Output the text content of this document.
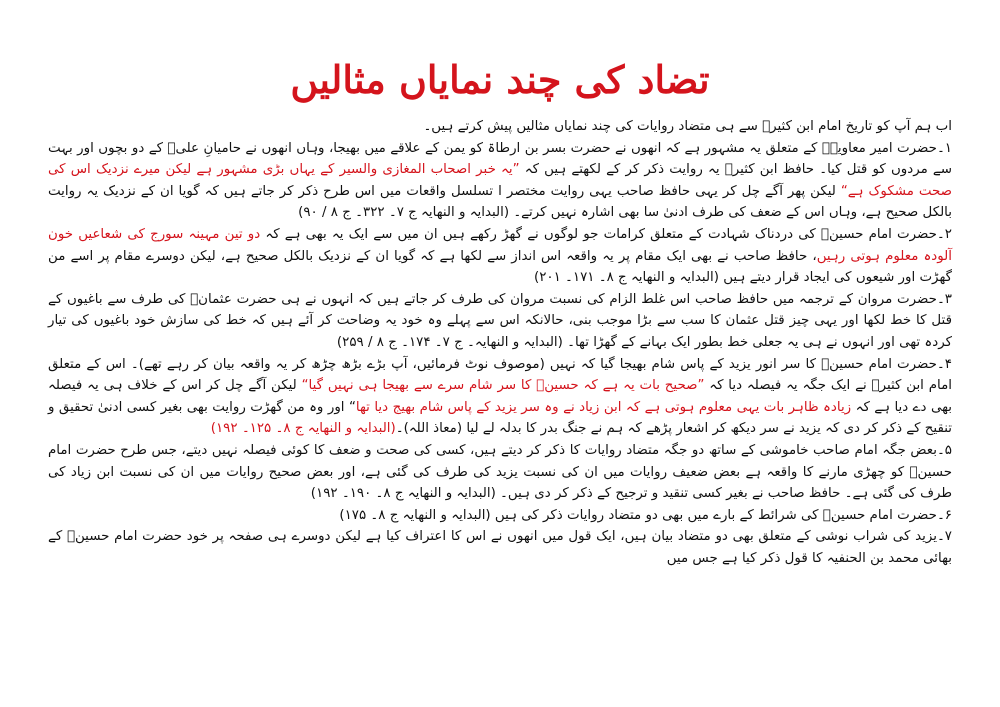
تضاد کی چند نمایاں مثالیں

اب ہم آپ کو تاریخ امام ابن کثیرؒ سے ہی متضاد روایات کی چند نمایاں مثالیں پیش کرتے ہیں۔

۱۔حضرت امیر معاویہؓ کے متعلق یہ مشہور ہے کہ انھوں نے حضرت بسر بن ارطاۃ کو یمن کے علاقے میں بھیجا، وہاں انھوں نے حامیانِ علیؓ کے دو بچوں اور بہت سے مردوں کو قتل کیا۔ حافظ ابن کثیرؒ یہ روایت ذکر کر کے لکھتے ہیں کہ ”یہ خبر اصحاب المغازی والسیر کے یہاں بڑی مشہور ہے لیکن میرے نزدیک اس کی صحت مشکوک ہے“ لیکن پھر آگے چل کر یہی حافظ صاحب یہی روایت مختصر ا تسلسل واقعات میں اس طرح ذکر کر جاتے ہیں کہ گویا ان کے نزدیک یہ روایت بالکل صحیح ہے، وہاں اس کے ضعف کی طرف ادنیٰ سا بھی اشارہ نہیں کرتے۔ (البدایہ و النھایہ ج ۷۔ ۳۲۲۔ ج ۸ / ۹۰)

۲۔حضرت امام حسینؓ کی دردناک شہادت کے متعلق کرامات جو لوگوں نے گھڑ رکھے ہیں ان میں سے ایک یہ بھی ہے کہ دو تین مہینہ سورج کی شعاعیں خون آلودہ معلوم ہوتی رہیں، حافظ صاحب نے بھی ایک مقام پر یہ واقعہ اس انداز سے لکھا ہے کہ گویا ان کے نزدیک بالکل صحیح ہے، لیکن دوسرے مقام پر اسے من گھڑت اور شیعوں کی ایجاد قرار دیتے ہیں (البدایہ و النھایہ ج ۸۔ ۱۷۱۔ ۲۰۱)

۳۔حضرت مروان کے ترجمہ میں حافظ صاحب اس غلط الزام کی نسبت مروان کی طرف کر جاتے ہیں کہ انہوں نے ہی حضرت عثمانؓ کی طرف سے باغیوں کے قتل کا خط لکھا اور یہی چیز قتل عثمان کا سب سے بڑا موجب بنی، حالانکہ اس سے پہلے وہ خود یہ وضاحت کر آئے ہیں کہ خط کی سازش خود باغیوں کی تیار کردہ تھی اور انہوں نے ہی یہ جعلی خط بطور ایک بہانے کے گھڑا تھا۔ (البدایہ و النھایہ۔ ج ۷۔ ۱۷۴۔ ج ۸ / ۲۵۹)

۴۔حضرت امام حسینؓ کا سر انور یزید کے پاس شام بھیجا گیا کہ نہیں (موصوف نوٹ فرمائیں، آپ بڑے بڑھ چڑھ کر یہ واقعہ بیان کر رہے تھے)۔ اس کے متعلق امام ابن کثیرؒ نے ایک جگہ یہ فیصلہ دیا کہ ”صحیح بات یہ ہے کہ حسینؓ کا سر شام سرے سے بھیجا ہی نہیں گیا“ لیکن آگے چل کر اس کے خلاف ہی یہ فیصلہ بھی دے دیا ہے کہ زیادہ ظاہر بات یہی معلوم ہوتی ہے کہ ابن زیاد نے وہ سر یزید کے پاس شام بھیج دیا تھا“ اور وہ من گھڑت روایت بھی بغیر کسی ادنیٰ تحقیق و تنقیح کے ذکر کر دی کہ یزید نے سر دیکھ کر اشعار پڑھے کہ ہم نے جنگ بدر کا بدلہ لے لیا (معاذ اللہ)۔(البدایہ و النھایہ ج ۸۔ ۱۲۵۔ ۱۹۲)

۵۔بعض جگہ امام صاحب خاموشی کے ساتھ دو جگہ متضاد روایات کا ذکر کر دیتے ہیں، کسی کی صحت و ضعف کا کوئی فیصلہ نہیں دیتے، جس طرح حضرت امام حسینؓ کو چھڑی مارنے کا واقعہ ہے بعض ضعیف روایات میں ان کی نسبت یزید کی طرف کی گئی ہے، اور بعض صحیح روایات میں ان کی نسبت ابن زیاد کی طرف کی گئی ہے۔ حافظ صاحب نے بغیر کسی تنقید و ترجیح کے ذکر کر دی ہیں۔ (البدایہ و النھایہ ج ۸۔ ۱۹۰۔ ۱۹۲)

۶۔حضرت امام حسینؓ کی شرائط کے بارے میں بھی دو متضاد روایات ذکر کی ہیں (البدایہ و النھایہ ج ۸۔ ۱۷۵)

۷۔یزید کی شراب نوشی کے متعلق بھی دو متضاد بیان ہیں، ایک قول میں انھوں نے اس کا اعتراف کیا ہے لیکن دوسرے ہی صفحہ پر خود حضرت امام حسینؓ کے بھائی محمد بن الحنفیہ کا قول ذکر کیا ہے جس میں
